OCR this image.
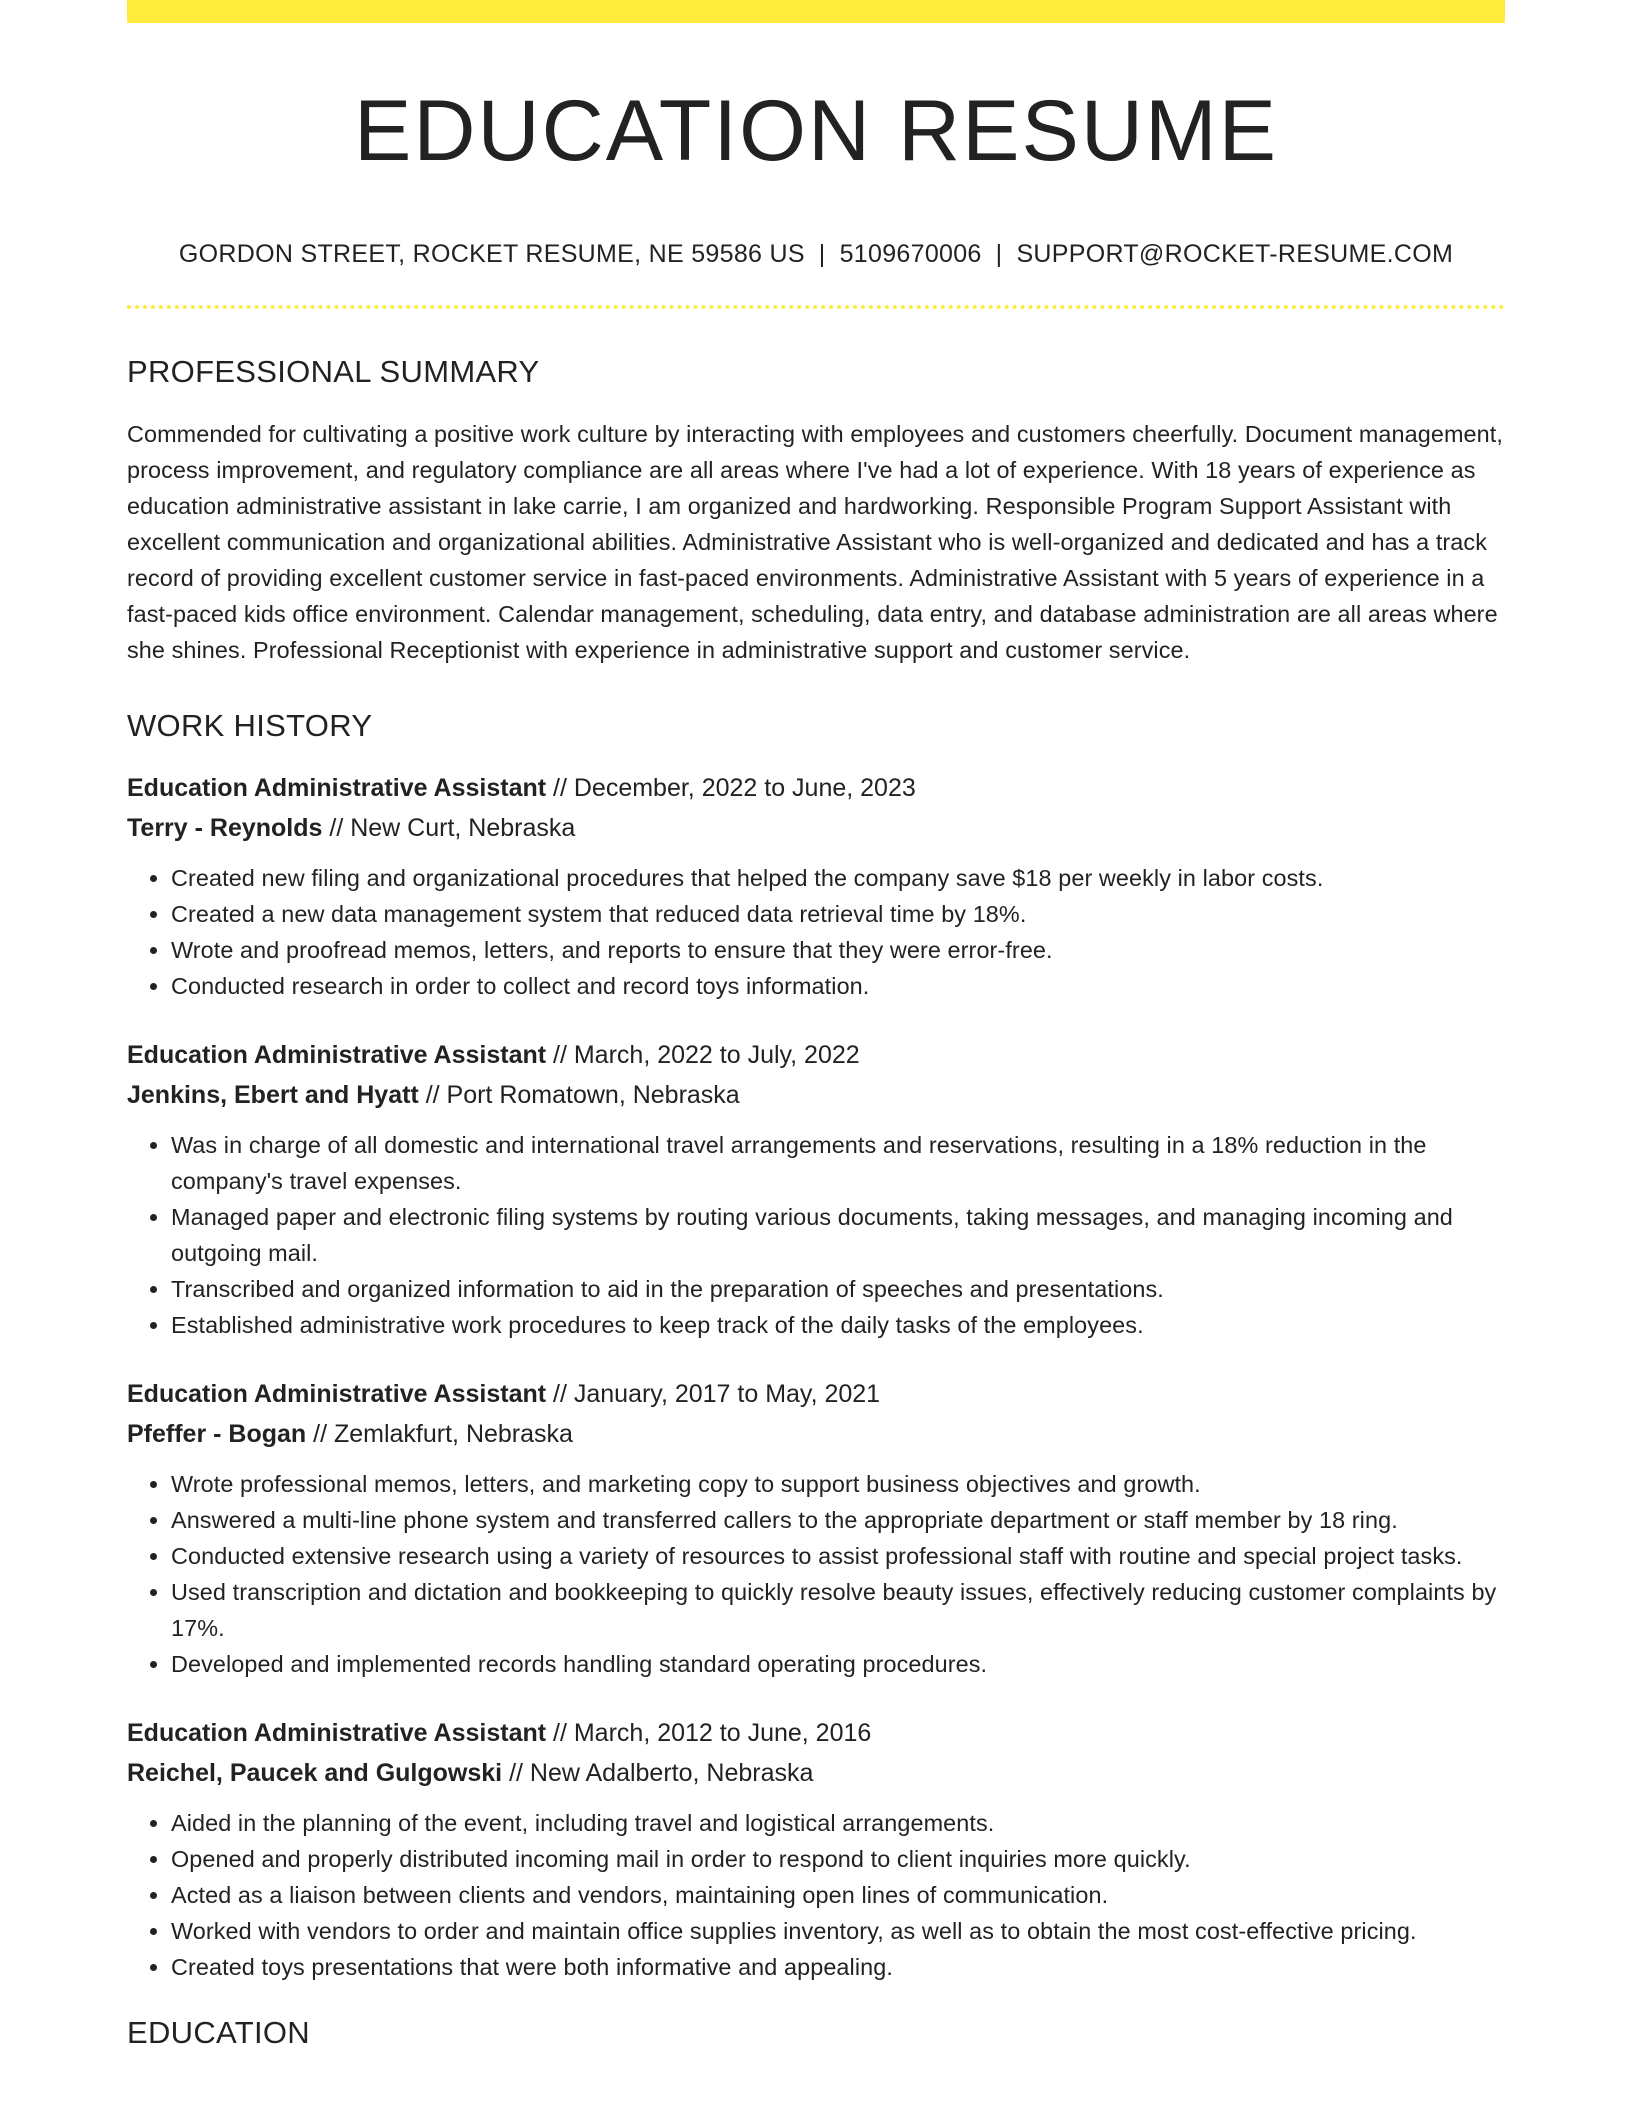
EDUCATION RESUME
GORDON STREET, ROCKET RESUME, NE 59586 US | 5109670006 | SUPPORT@ROCKET-RESUME.COM
PROFESSIONAL SUMMARY

Commended for cultivating a positive work culture by interacting with employees and customers cheerfully. Document management, process improvement, and regulatory compliance are all areas where I've had a lot of experience. With 18 years of experience as education administrative assistant in lake carrie, I am organized and hardworking. Responsible Program Support Assistant with excellent communication and organizational abilities. Administrative Assistant who is well-organized and dedicated and has a track record of providing excellent customer service in fast-paced environments. Administrative Assistant with 5 years of experience in a fast-paced kids office environment. Calendar management, scheduling, data entry, and database administration are all areas where she shines. Professional Receptionist with experience in administrative support and customer service.

WORK HISTORY
Education Administrative Assistant // December, 2022 to June, 2023
Terry - Reynolds // New Curt, Nebraska
• Created new filing and organizational procedures that helped the company save $18 per weekly in labor costs.
• Created a new data management system that reduced data retrieval time by 18%.
• Wrote and proofread memos, letters, and reports to ensure that they were error-free.
• Conducted research in order to collect and record toys information.
Education Administrative Assistant // March, 2022 to July, 2022
Jenkins, Ebert and Hyatt // Port Romatown, Nebraska
• Was in charge of all domestic and international travel arrangements and reservations, resulting in a 18% reduction in the company's travel expenses.
• Managed paper and electronic filing systems by routing various documents, taking messages, and managing incoming and outgoing mail.
• Transcribed and organized information to aid in the preparation of speeches and presentations.
• Established administrative work procedures to keep track of the daily tasks of the employees.
Education Administrative Assistant // January, 2017 to May, 2021
Pfeffer - Bogan // Zemlakfurt, Nebraska
• Wrote professional memos, letters, and marketing copy to support business objectives and growth.
• Answered a multi-line phone system and transferred callers to the appropriate department or staff member by 18 ring.
• Conducted extensive research using a variety of resources to assist professional staff with routine and special project tasks.
• Used transcription and dictation and bookkeeping to quickly resolve beauty issues, effectively reducing customer complaints by 17%.
• Developed and implemented records handling standard operating procedures.
Education Administrative Assistant // March, 2012 to June, 2016
Reichel, Paucek and Gulgowski // New Adalberto, Nebraska
• Aided in the planning of the event, including travel and logistical arrangements.
• Opened and properly distributed incoming mail in order to respond to client inquiries more quickly.
• Acted as a liaison between clients and vendors, maintaining open lines of communication.
• Worked with vendors to order and maintain office supplies inventory, as well as to obtain the most cost-effective pricing.
• Created toys presentations that were both informative and appealing.
EDUCATION
